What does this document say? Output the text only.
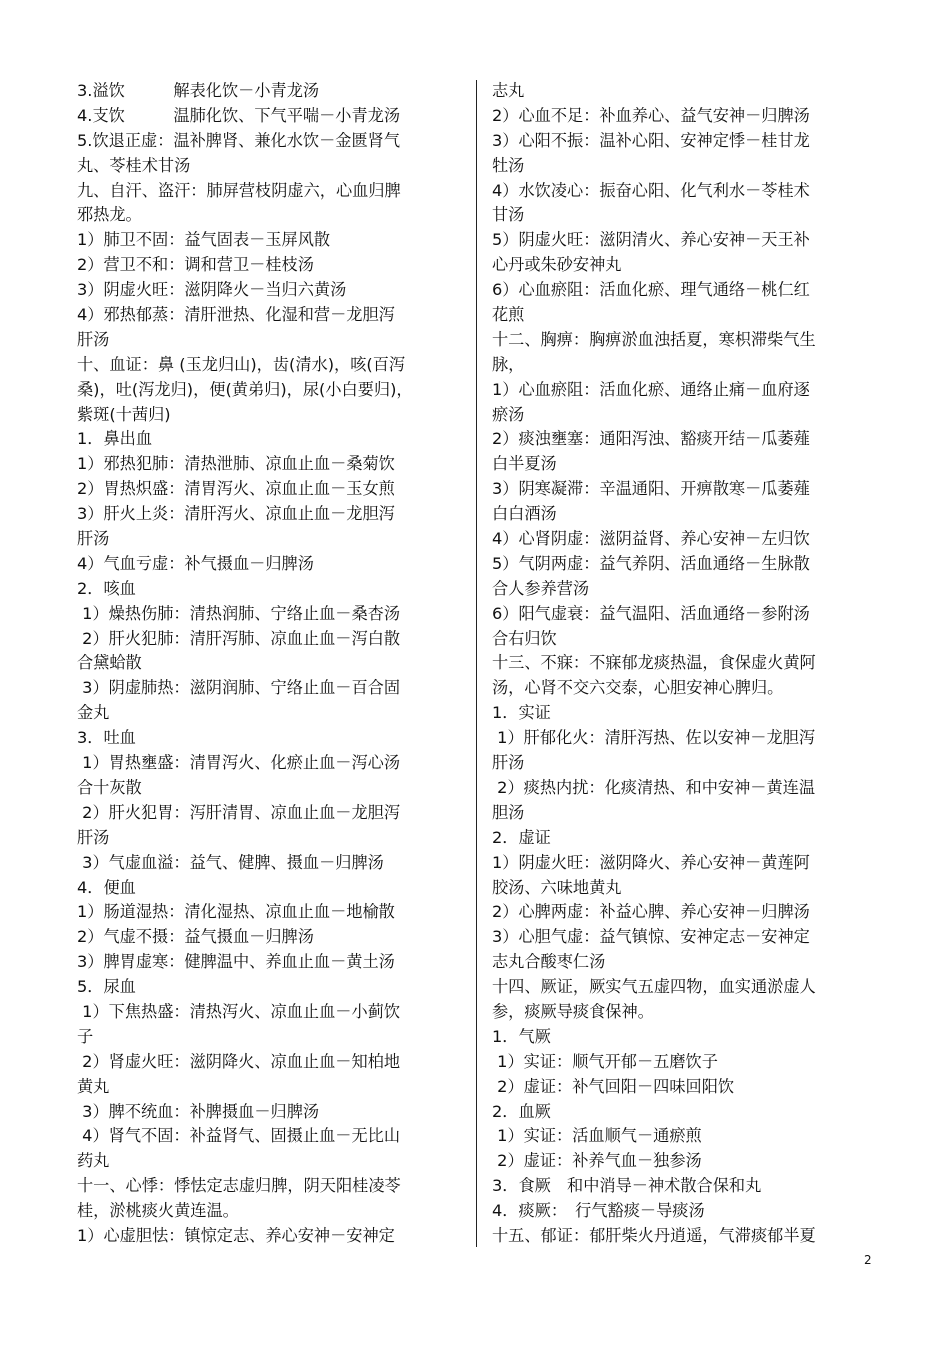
3.溢饮　　　解表化饮－小青龙汤
4.支饮　　　温肺化饮、下气平喘－小青龙汤
5.饮退正虚：温补脾肾、兼化水饮－金匮肾气
丸、苓桂术甘汤
九、自汗、盗汗：肺屏营枝阴虚六，心血归脾
邪热龙。
1）肺卫不固：益气固表－玉屏风散
2）营卫不和：调和营卫－桂枝汤
3）阴虚火旺：滋阴降火－当归六黄汤
4）邪热郁蒸：清肝泄热、化湿和营－龙胆泻
肝汤
十、血证：鼻 (玉龙归山)，齿(清水)，咳(百泻
桑)，吐(泻龙归)，便(黄弟归)，尿(小白要归)，
紫斑(十茜归)
1．鼻出血
1）邪热犯肺：清热泄肺、凉血止血－桑菊饮
2）胃热炽盛：清胃泻火、凉血止血－玉女煎
3）肝火上炎：清肝泻火、凉血止血－龙胆泻
肝汤
4）气血亏虚：补气摄血－归脾汤
2．咳血
1）燥热伤肺：清热润肺、宁络止血－桑杏汤
2）肝火犯肺：清肝泻肺、凉血止血－泻白散
合黛蛤散
3）阴虚肺热：滋阴润肺、宁络止血－百合固
金丸
3．吐血
1）胃热壅盛：清胃泻火、化瘀止血－泻心汤
合十灰散
2）肝火犯胃：泻肝清胃、凉血止血－龙胆泻
肝汤
3）气虚血溢：益气、健脾、摄血－归脾汤
4．便血
1）肠道湿热：清化湿热、凉血止血－地榆散
2）气虚不摄：益气摄血－归脾汤
3）脾胃虚寒：健脾温中、养血止血－黄土汤
5．尿血
1）下焦热盛：清热泻火、凉血止血－小蓟饮
子
2）肾虚火旺：滋阴降火、凉血止血－知柏地
黄丸
3）脾不统血：补脾摄血－归脾汤
4）肾气不固：补益肾气、固摄止血－无比山
药丸
十一、心悸：悸怯定志虚归脾，阴天阳桂凌苓
桂，淤桃痰火黄连温。
1）心虚胆怯：镇惊定志、养心安神－安神定
志丸
2）心血不足：补血养心、益气安神－归脾汤
3）心阳不振：温补心阳、安神定悸－桂甘龙
牡汤
4）水饮凌心：振奋心阳、化气利水－苓桂术
甘汤
5）阴虚火旺：滋阴清火、养心安神－天王补
心丹或朱砂安神丸
6）心血瘀阻：活血化瘀、理气通络－桃仁红
花煎
十二、胸痹：胸痹淤血浊括夏，寒枳滞柴气生
脉，
1）心血瘀阻：活血化瘀、通络止痛－血府逐
瘀汤
2）痰浊壅塞：通阳泻浊、豁痰开结－瓜萎薤
白半夏汤
3）阴寒凝滞：辛温通阳、开痹散寒－瓜萎薤
白白酒汤
4）心肾阴虚：滋阴益肾、养心安神－左归饮
5）气阴两虚：益气养阴、活血通络－生脉散
合人参养营汤
6）阳气虚衰：益气温阳、活血通络－参附汤
合右归饮
十三、不寐：不寐郁龙痰热温，食保虚火黄阿
汤，心肾不交六交泰，心胆安神心脾归。
1．实证
1）肝郁化火：清肝泻热、佐以安神－龙胆泻
肝汤
2）痰热内扰：化痰清热、和中安神－黄连温
胆汤
2．虚证
1）阴虚火旺：滋阴降火、养心安神－黄莲阿
胶汤、六味地黄丸
2）心脾两虚：补益心脾、养心安神－归脾汤
3）心胆气虚：益气镇惊、安神定志－安神定
志丸合酸枣仁汤
十四、厥证，厥实气五虚四物，血实通淤虚人
参，痰厥导痰食保神。
1．气厥
1）实证：顺气开郁－五磨饮子
2）虚证：补气回阳－四味回阳饮
2．血厥
1）实证：活血顺气－通瘀煎
2）虚证：补养气血－独参汤
3．食厥　和中消导－神术散合保和丸
4．痰厥：　行气豁痰－导痰汤
十五、郁证：郁肝柴火丹逍遥，气滞痰郁半夏
2
